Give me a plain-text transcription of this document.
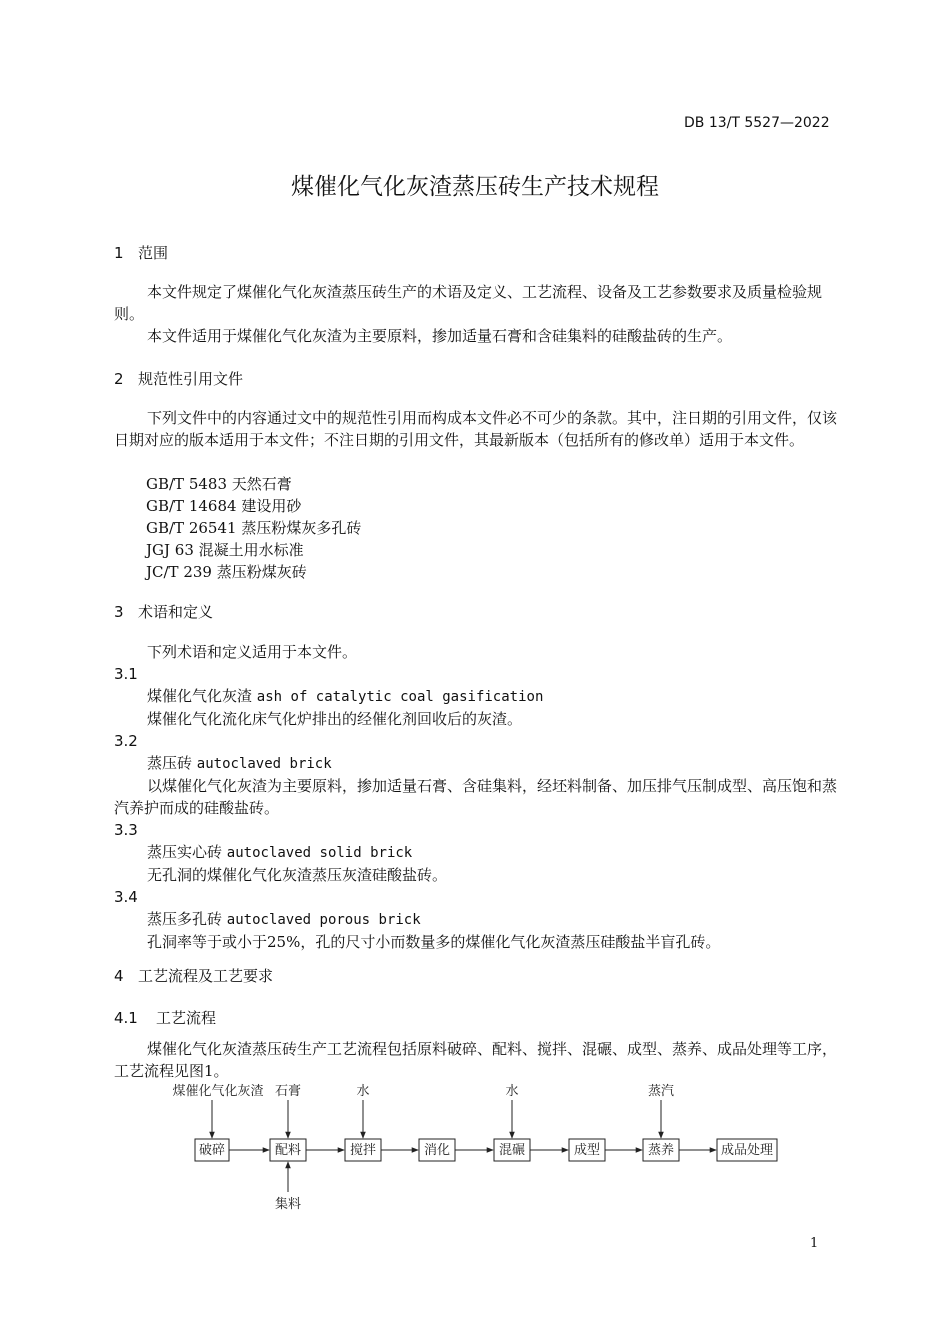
DB 13/T 5527—2022
煤催化气化灰渣蒸压砖生产技术规程
1 范围

本文件规定了煤催化气化灰渣蒸压砖生产的术语及定义、工艺流程、设备及工艺参数要求及质量检验规则。

本文件适用于煤催化气化灰渣为主要原料，掺加适量石膏和含硅集料的硅酸盐砖的生产。

2 规范性引用文件

下列文件中的内容通过文中的规范性引用而构成本文件必不可少的条款。其中，注日期的引用文件，仅该日期对应的版本适用于本文件；不注日期的引用文件，其最新版本（包括所有的修改单）适用于本文件。

GB/T 5483 天然石膏
GB/T 14684 建设用砂
GB/T 26541 蒸压粉煤灰多孔砖
JGJ 63 混凝土用水标准
JC/T 239 蒸压粉煤灰砖
3 术语和定义

下列术语和定义适用于本文件。

3.1

煤催化气化灰渣 ash of catalytic coal gasification

煤催化气化流化床气化炉排出的经催化剂回收后的灰渣。

3.2

蒸压砖 autoclaved brick

以煤催化气化灰渣为主要原料，掺加适量石膏、含硅集料，经坯料制备、加压排气压制成型、高压饱和蒸汽养护而成的硅酸盐砖。

3.3

蒸压实心砖 autoclaved solid brick

无孔洞的煤催化气化灰渣蒸压灰渣硅酸盐砖。

3.4

蒸压多孔砖 autoclaved porous brick

孔洞率等于或小于25%，孔的尺寸小而数量多的煤催化气化灰渣蒸压硅酸盐半盲孔砖。

4 工艺流程及工艺要求
4.1 工艺流程

煤催化气化灰渣蒸压砖生产工艺流程包括原料破碎、配料、搅拌、混碾、成型、蒸养、成品处理等工序，工艺流程见图1。

破碎	配料	搅拌	消化	混碾	成型	蒸养	成品处理
煤催化气化灰渣 石膏	水	水	蒸汽
集料
1
